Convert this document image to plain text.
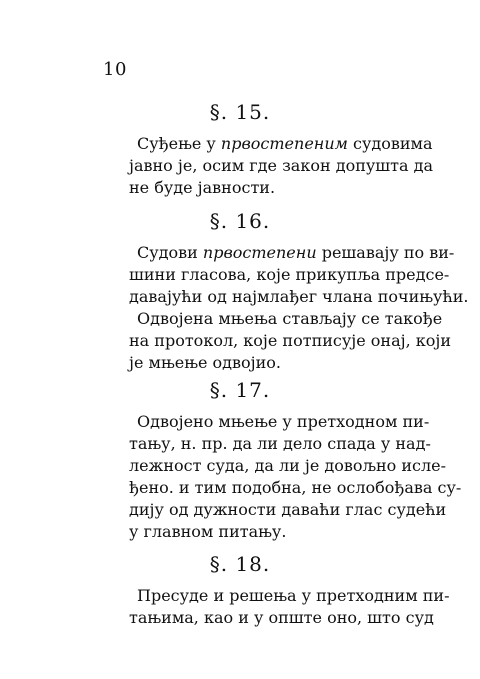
10
§. 15.
Суђење у првостепеним судовима
јавно је, осим где закон допушта да
не буде јавности.
§. 16.
Судови првостепени решавају по ви-
шини гласова, које прикупља предсе-
давајући од најмлађег члана почињући.
Одвојена мњења стављају се такође
на протокол, које потписује онај, који
је мњење одвојио.
§. 17.
Одвојено мњење у претходном пи-
тању, н. пр. да ли дело спада у над-
лежност суда, да ли је довољно исле-
ђено. и тим подобна, не ослобођава су-
дију од дужности даваћи глас судећи
у главном питању.
§. 18.
Пресуде и решења у претходним пи-
тањима, као и у опште оно, што суд
